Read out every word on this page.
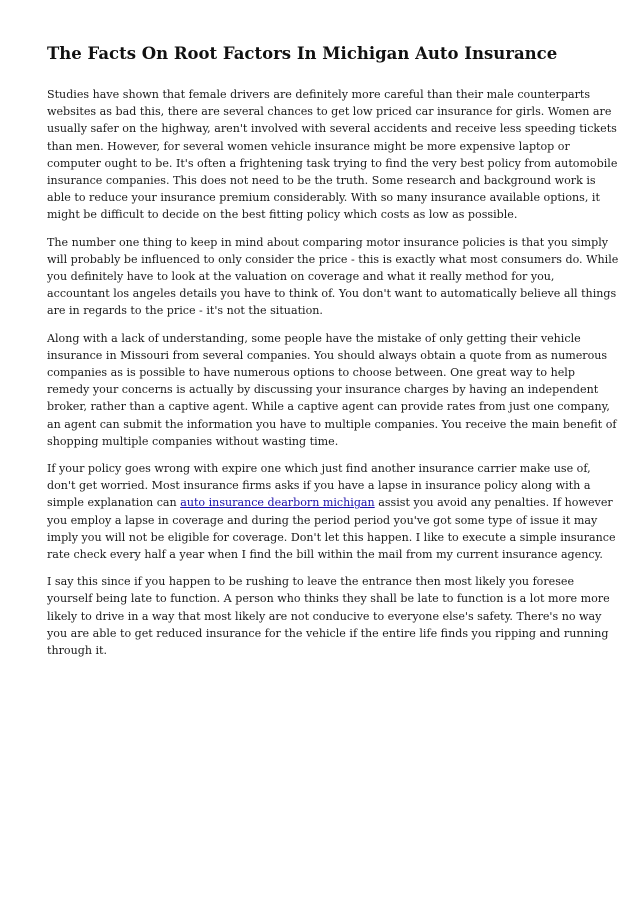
The Facts On Root Factors In Michigan Auto Insurance

Studies have shown that female drivers are definitely more careful than their male counterparts
websites as bad this, there are several chances to get low priced car insurance for girls. Women are
usually safer on the highway, aren't involved with several accidents and receive less speeding tickets
than men. However, for several women vehicle insurance might be more expensive laptop or
computer ought to be. It's often a frightening task trying to find the very best policy from automobile
insurance companies. This does not need to be the truth. Some research and background work is
able to reduce your insurance premium considerably. With so many insurance available options, it
might be difficult to decide on the best fitting policy which costs as low as possible.

The number one thing to keep in mind about comparing motor insurance policies is that you simply
will probably be influenced to only consider the price - this is exactly what most consumers do. While
you definitely have to look at the valuation on coverage and what it really method for you,
accountant los angeles details you have to think of. You don't want to automatically believe all things
are in regards to the price - it's not the situation.

Along with a lack of understanding, some people have the mistake of only getting their vehicle
insurance in Missouri from several companies. You should always obtain a quote from as numerous
companies as is possible to have numerous options to choose between. One great way to help
remedy your concerns is actually by discussing your insurance charges by having an independent
broker, rather than a captive agent. While a captive agent can provide rates from just one company,
an agent can submit the information you have to multiple companies. You receive the main benefit of
shopping multiple companies without wasting time.

If your policy goes wrong with expire one which just find another insurance carrier make use of,
don't get worried. Most insurance firms asks if you have a lapse in insurance policy along with a
simple explanation can auto insurance dearborn michigan assist you avoid any penalties. If however
you employ a lapse in coverage and during the period period you've got some type of issue it may
imply you will not be eligible for coverage. Don't let this happen. I like to execute a simple insurance
rate check every half a year when I find the bill within the mail from my current insurance agency.

I say this since if you happen to be rushing to leave the entrance then most likely you foresee
yourself being late to function. A person who thinks they shall be late to function is a lot more more
likely to drive in a way that most likely are not conducive to everyone else's safety. There's no way
you are able to get reduced insurance for the vehicle if the entire life finds you ripping and running
through it.
